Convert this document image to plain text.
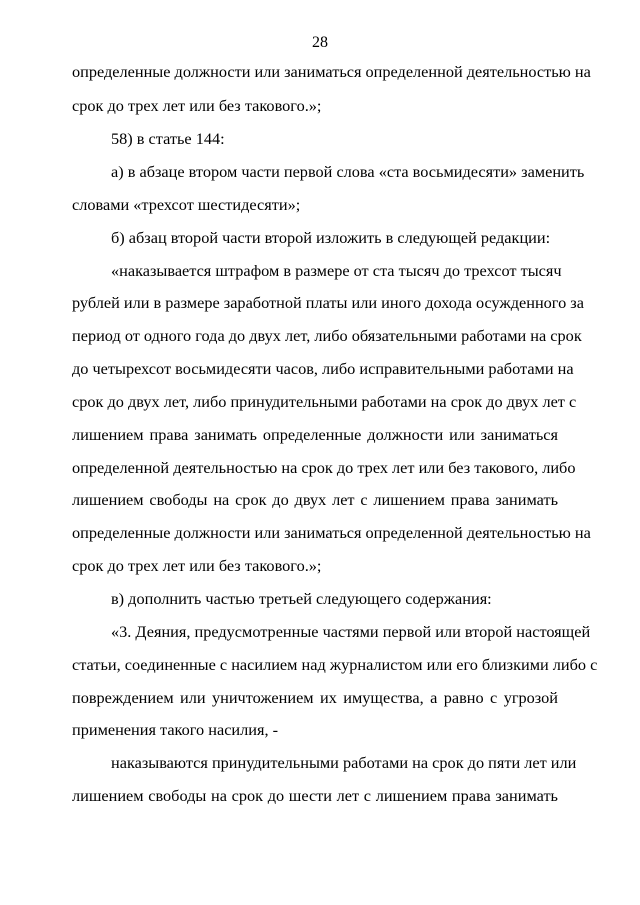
28
определенные должности или заниматься определенной деятельностью на
срок до трех лет или без такового.»;
58) в статье 144:
а) в абзаце втором части первой слова «ста восьмидесяти» заменить
словами «трехсот шестидесяти»;
б) абзац второй части второй изложить в следующей редакции:
«наказывается штрафом в размере от ста тысяч до трехсот тысяч
рублей или в размере заработной платы или иного дохода осужденного за
период от одного года до двух лет, либо обязательными работами на срок
до четырехсот восьмидесяти часов, либо исправительными работами на
срок до двух лет, либо принудительными работами на срок до двух лет с
лишением права занимать определенные должности или заниматься
определенной деятельностью на срок до трех лет или без такового, либо
лишением свободы на срок до двух лет с лишением права занимать
определенные должности или заниматься определенной деятельностью на
срок до трех лет или без такового.»;
в) дополнить частью третьей следующего содержания:
«3. Деяния, предусмотренные частями первой или второй настоящей
статьи, соединенные с насилием над журналистом или его близкими либо с
повреждением или уничтожением их имущества, а равно с угрозой
применения такого насилия, -
наказываются принудительными работами на срок до пяти лет или
лишением свободы на срок до шести лет с лишением права занимать
